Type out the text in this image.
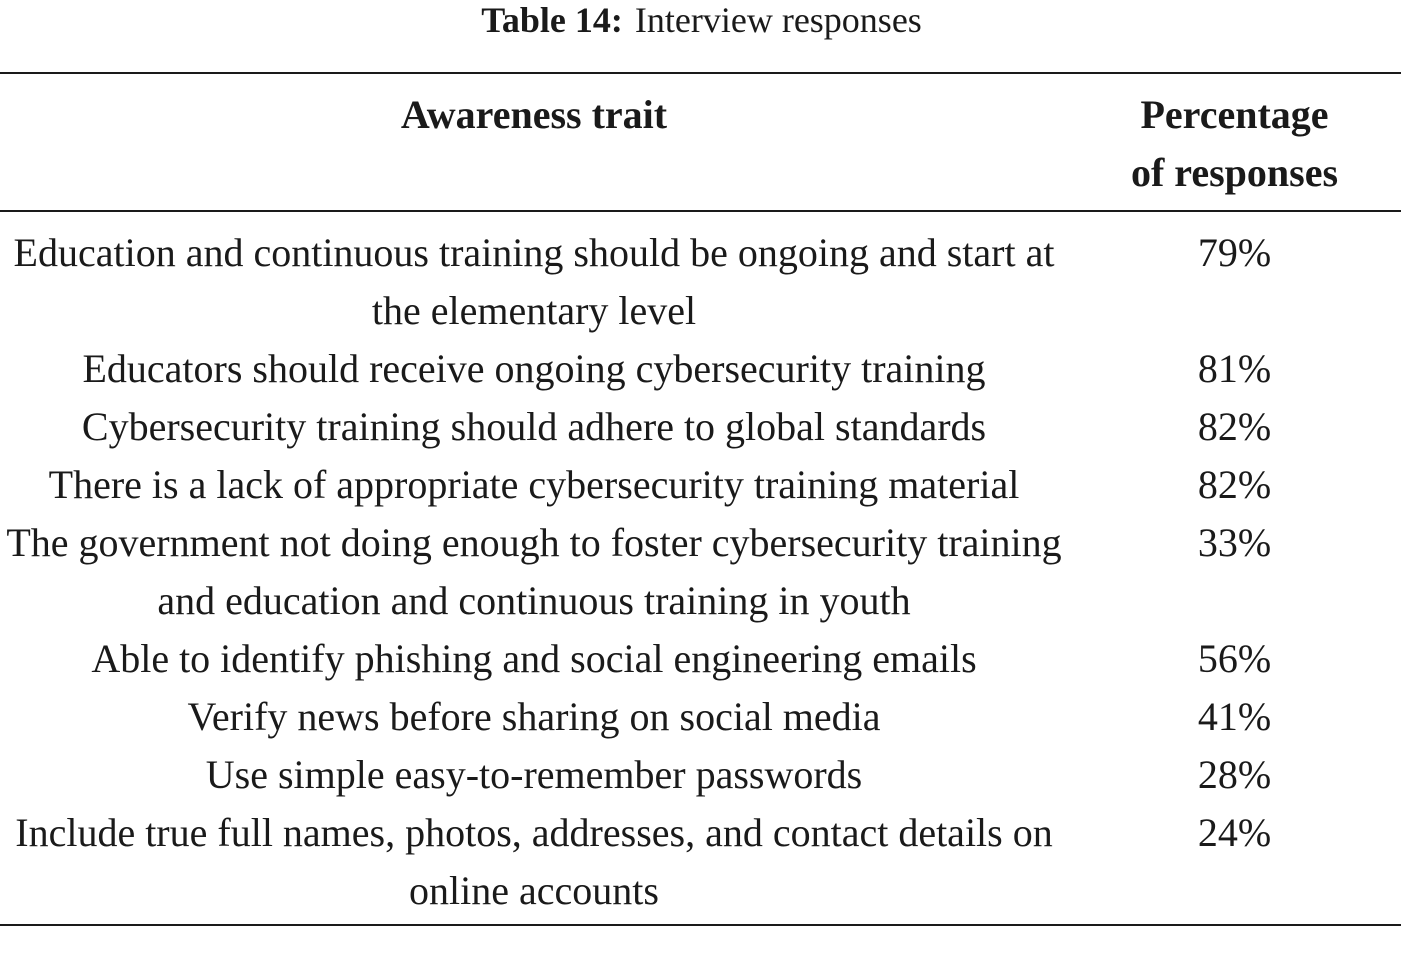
Table 14: Interview responses
Awareness trait	Percentage
of responses

Education and continuous training should be ongoing and start at the elementary level	79%
Educators should receive ongoing cybersecurity training	81%
Cybersecurity training should adhere to global standards	82%
There is a lack of appropriate cybersecurity training material	82%
The government not doing enough to foster cybersecurity training and education and continuous training in youth	33%
Able to identify phishing and social engineering emails	56%
Verify news before sharing on social media	41%
Use simple easy-to-remember passwords	28%
Include true full names, photos, addresses, and contact details on online accounts	24%
